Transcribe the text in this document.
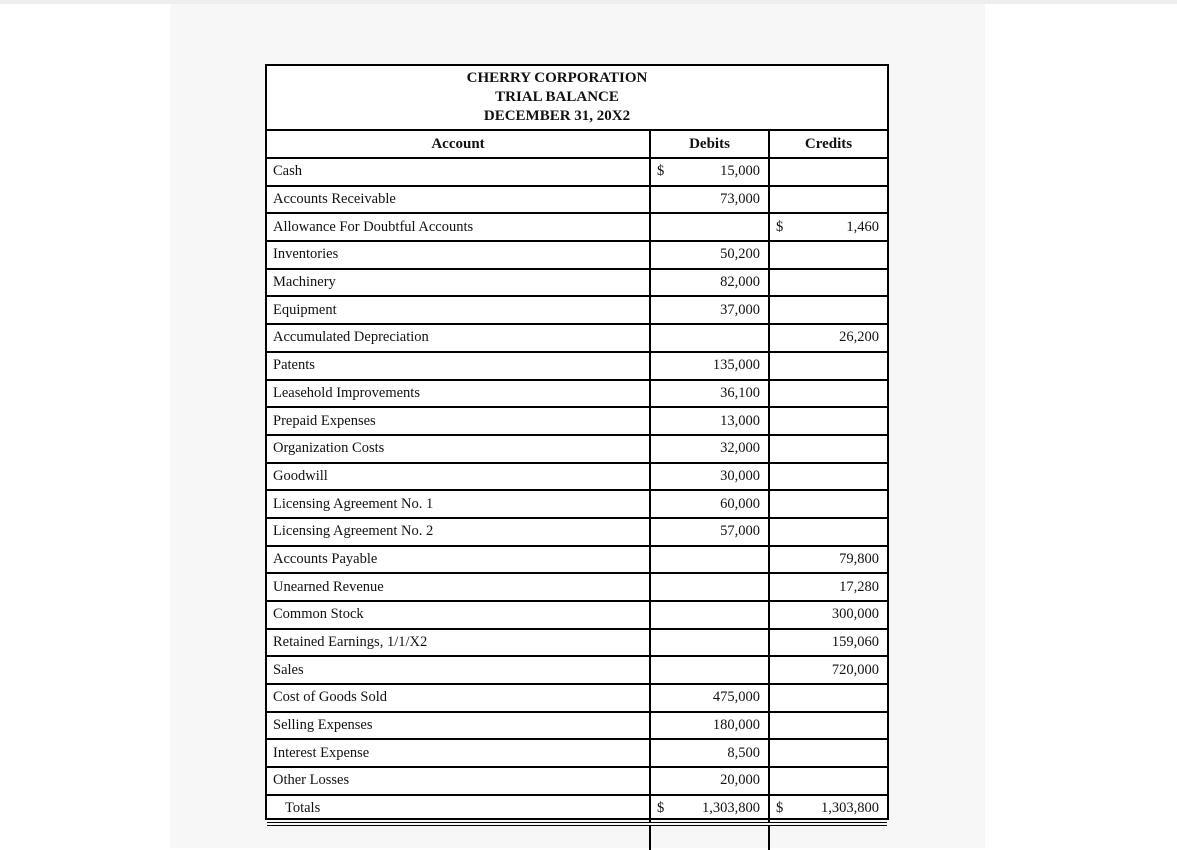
CHERRY CORPORATION
TRIAL BALANCE
DECEMBER 31, 20X2
Account	Debits	Credits
Cash	$ 15,000	

Accounts Receivable	73,000	

Allowance For Doubtful Accounts		$ 1,460

Inventories	50,200	

Machinery	82,000	

Equipment	37,000	

Accumulated Depreciation		26,200

Patents	135,000	

Leasehold Improvements	36,100	

Prepaid Expenses	13,000	

Organization Costs	32,000	

Goodwill	30,000	

Licensing Agreement No. 1	60,000	

Licensing Agreement No. 2	57,000	

Accounts Payable		79,800

Unearned Revenue		17,280

Common Stock		300,000

Retained Earnings, 1/1/X2		159,060

Sales		720,000

Cost of Goods Sold	475,000	

Selling Expenses	180,000	

Interest Expense	8,500	

Other Losses	20,000	

Totals	$ 1,303,800	$ 1,303,800
